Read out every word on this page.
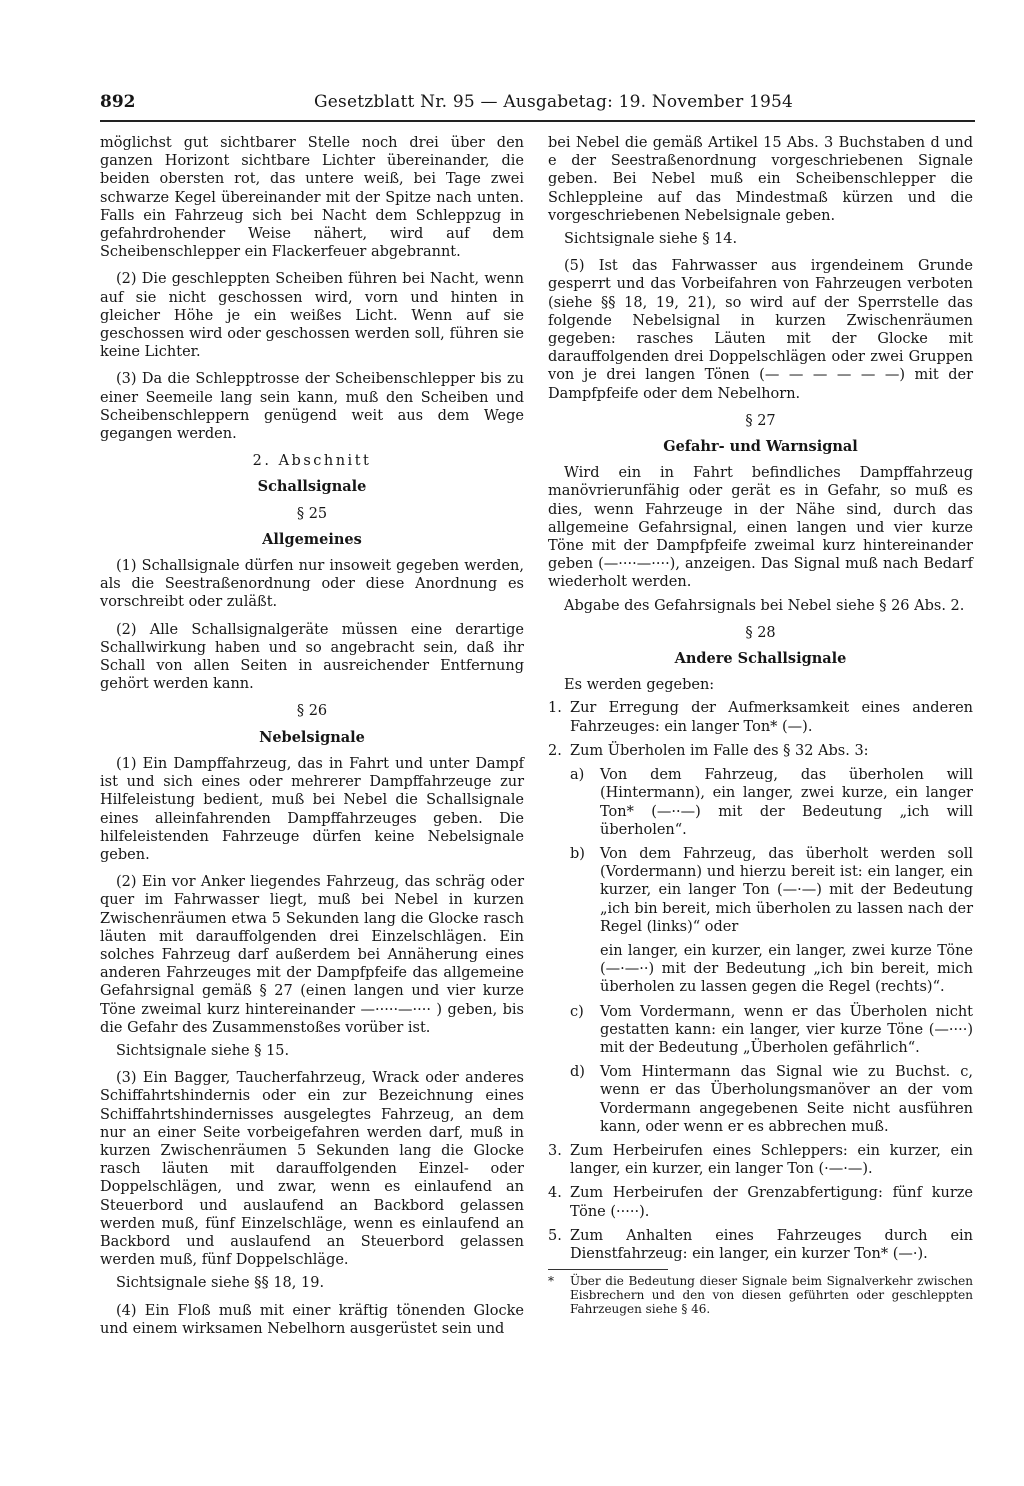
892	Gesetzblatt Nr. 95 — Ausgabetag: 19. November 1954

möglichst gut sichtbarer Stelle noch drei über den ganzen Horizont sichtbare Lichter übereinander, die beiden obersten rot, das untere weiß, bei Tage zwei schwarze Kegel übereinander mit der Spitze nach unten. Falls ein Fahrzeug sich bei Nacht dem Schleppzug in gefahrdrohender Weise nähert, wird auf dem Scheibenschlepper ein Flackerfeuer abgebrannt.

(2) Die geschleppten Scheiben führen bei Nacht, wenn auf sie nicht geschossen wird, vorn und hinten in gleicher Höhe je ein weißes Licht. Wenn auf sie geschossen wird oder geschossen werden soll, führen sie keine Lichter.

(3) Da die Schlepptrosse der Scheibenschlepper bis zu einer Seemeile lang sein kann, muß den Scheiben und Scheibenschleppern genügend weit aus dem Wege gegangen werden.

2. Abschnitt
Schallsignale
§ 25
Allgemeines

(1) Schallsignale dürfen nur insoweit gegeben werden, als die Seestraßenordnung oder diese Anordnung es vorschreibt oder zuläßt.

(2) Alle Schallsignalgeräte müssen eine derartige Schallwirkung haben und so angebracht sein, daß ihr Schall von allen Seiten in ausreichender Entfernung gehört werden kann.

§ 26
Nebelsignale

(1) Ein Dampffahrzeug, das in Fahrt und unter Dampf ist und sich eines oder mehrerer Dampffahrzeuge zur Hilfeleistung bedient, muß bei Nebel die Schallsignale eines alleinfahrenden Dampffahrzeuges geben. Die hilfeleistenden Fahrzeuge dürfen keine Nebelsignale geben.

(2) Ein vor Anker liegendes Fahrzeug, das schräg oder quer im Fahrwasser liegt, muß bei Nebel in kurzen Zwischenräumen etwa 5 Sekunden lang die Glocke rasch läuten mit darauffolgenden drei Einzelschlägen. Ein solches Fahrzeug darf außerdem bei Annäherung eines anderen Fahrzeuges mit der Dampfpfeife das allgemeine Gefahrsignal gemäß § 27 (einen langen und vier kurze Töne zweimal kurz hintereinander —·····—···· ) geben, bis die Gefahr des Zusammenstoßes vorüber ist.

Sichtsignale siehe § 15.

(3) Ein Bagger, Taucherfahrzeug, Wrack oder anderes Schiffahrtshindernis oder ein zur Bezeichnung eines Schiffahrtshindernisses ausgelegtes Fahrzeug, an dem nur an einer Seite vorbeigefahren werden darf, muß in kurzen Zwischenräumen 5 Sekunden lang die Glocke rasch läuten mit darauffolgenden Einzel- oder Doppelschlägen, und zwar, wenn es einlaufend an Steuerbord und auslaufend an Backbord gelassen werden muß, fünf Einzelschläge, wenn es einlaufend an Backbord und auslaufend an Steuerbord gelassen werden muß, fünf Doppelschläge.

Sichtsignale siehe §§ 18, 19.

(4) Ein Floß muß mit einer kräftig tönenden Glocke und einem wirksamen Nebelhorn ausgerüstet sein und

bei Nebel die gemäß Artikel 15 Abs. 3 Buchstaben d und e der Seestraßenordnung vorgeschriebenen Signale geben. Bei Nebel muß ein Scheibenschlepper die Schleppleine auf das Mindestmaß kürzen und die vorgeschriebenen Nebelsignale geben.

Sichtsignale siehe § 14.

(5) Ist das Fahrwasser aus irgendeinem Grunde gesperrt und das Vorbeifahren von Fahrzeugen verboten (siehe §§ 18, 19, 21), so wird auf der Sperrstelle das folgende Nebelsignal in kurzen Zwischenräumen gegeben: rasches Läuten mit der Glocke mit darauffolgenden drei Doppelschlägen oder zwei Gruppen von je drei langen Tönen (— — — — — —) mit der Dampfpfeife oder dem Nebelhorn.

§ 27
Gefahr- und Warnsignal

Wird ein in Fahrt befindliches Dampffahrzeug manövrierunfähig oder gerät es in Gefahr, so muß es dies, wenn Fahrzeuge in der Nähe sind, durch das allgemeine Gefahrsignal, einen langen und vier kurze Töne mit der Dampfpfeife zweimal kurz hintereinander geben (—····—····), anzeigen. Das Signal muß nach Bedarf wiederholt werden.

Abgabe des Gefahrsignals bei Nebel siehe § 26 Abs. 2.

§ 28
Andere Schallsignale

Es werden gegeben:

1. Zur Erregung der Aufmerksamkeit eines anderen Fahrzeuges: ein langer Ton* (—).
2. Zum Überholen im Falle des § 32 Abs. 3:
a)	Von dem Fahrzeug, das überholen will (Hintermann), ein langer, zwei kurze, ein langer Ton* (—··—) mit der Bedeutung „ich will überholen“.
b)	Von dem Fahrzeug, das überholt werden soll (Vordermann) und hierzu bereit ist: ein langer, ein kurzer, ein langer Ton (—·—) mit der Bedeutung „ich bin bereit, mich überholen zu lassen nach der Regel (links)“ oder
ein langer, ein kurzer, ein langer, zwei kurze Töne (—·—··) mit der Bedeutung „ich bin bereit, mich überholen zu lassen gegen die Regel (rechts)“.
c)	Vom Vordermann, wenn er das Überholen nicht gestatten kann: ein langer, vier kurze Töne (—····) mit der Bedeutung „Überholen gefährlich“.
d)	Vom Hintermann das Signal wie zu Buchst. c, wenn er das Überholungsmanöver an der vom Vordermann angegebenen Seite nicht ausführen kann, oder wenn er es abbrechen muß.
3. Zum Herbeirufen eines Schleppers: ein kurzer, ein langer, ein kurzer, ein langer Ton (·—·—).
4. Zum Herbeirufen der Grenzabfertigung: fünf kurze Töne (·····).
5. Zum Anhalten eines Fahrzeuges durch ein Dienstfahrzeug: ein langer, ein kurzer Ton* (—·).
*	Über die Bedeutung dieser Signale beim Signalverkehr zwischen Eisbrechern und den von diesen geführten oder geschleppten Fahrzeugen siehe § 46.
